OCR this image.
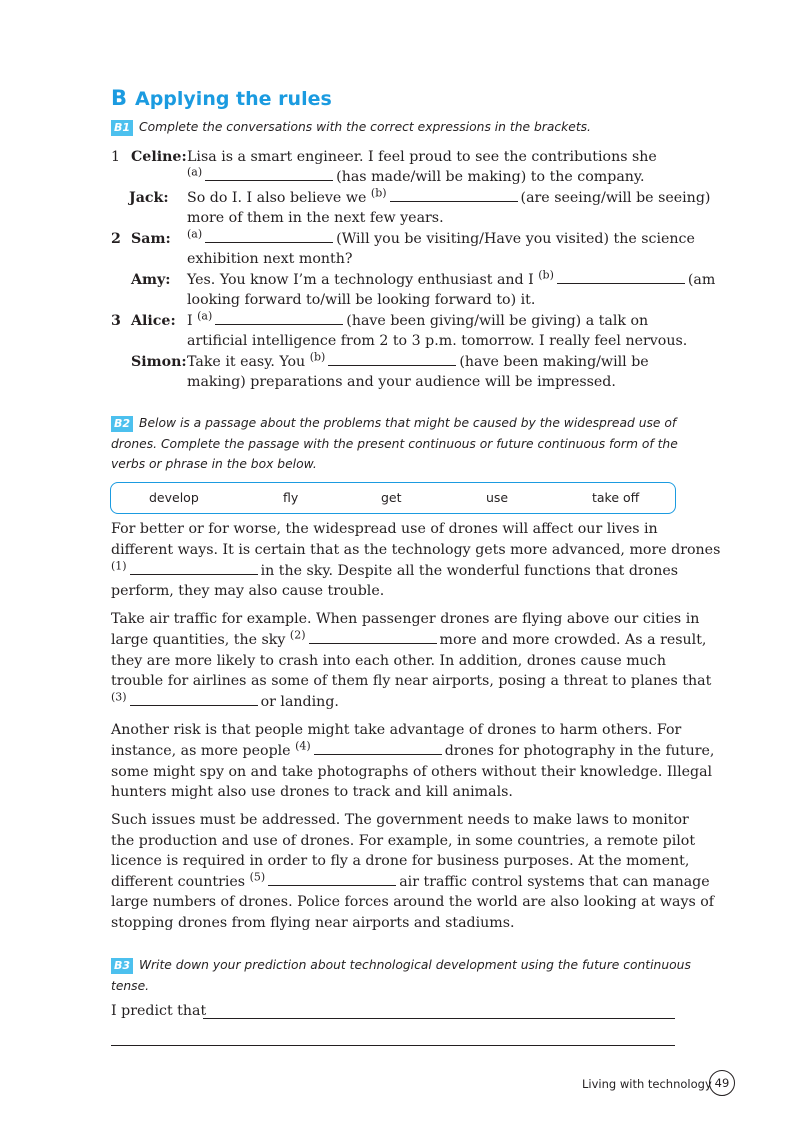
B Applying the rules
B1 Complete the conversations with the correct expressions in the brackets.
1 Celine: Lisa is a smart engineer. I feel proud to see the contributions she
$^{(a)}$	(has made/will be making) to the company.
Jack: So do I. I also believe we $^{(b)}$	(are seeing/will be seeing)
more of them in the next few years.
2 Sam: $^{(a)}$	(Will you be visiting/Have you visited) the science
exhibition next month?
Amy: Yes. You know I’m a technology enthusiast and I $^{(b)}$	(am
looking forward to/will be looking forward to) it.
3 Alice: I $^{(a)}$	(have been giving/will be giving) a talk on
artificial intelligence from 2 to 3 p.m. tomorrow. I really feel nervous.
Simon: Take it easy. You $^{(b)}$	(have been making/will be
making) preparations and your audience will be impressed.
B2 Below is a passage about the problems that might be caused by the widespread use of
drones. Complete the passage with the present continuous or future continuous form of the
verbs or phrase in the box below.
develop	fly	get	use	take off
For better or for worse, the widespread use of drones will affect our lives in
different ways. It is certain that as the technology gets more advanced, more drones
$^{(1)}$	in the sky. Despite all the wonderful functions that drones
perform, they may also cause trouble.
Take air traffic for example. When passenger drones are flying above our cities in
large quantities, the sky $^{(2)}$	more and more crowded. As a result,
they are more likely to crash into each other. In addition, drones cause much
trouble for airlines as some of them fly near airports, posing a threat to planes that
$^{(3)}$	or landing.
Another risk is that people might take advantage of drones to harm others. For
instance, as more people $^{(4)}$	drones for photography in the future,
some might spy on and take photographs of others without their knowledge. Illegal
hunters might also use drones to track and kill animals.
Such issues must be addressed. The government needs to make laws to monitor
the production and use of drones. For example, in some countries, a remote pilot
licence is required in order to fly a drone for business purposes. At the moment,
different countries $^{(5)}$	air traffic control systems that can manage
large numbers of drones. Police forces around the world are also looking at ways of
stopping drones from flying near airports and stadiums.
B3 Write down your prediction about technological development using the future continuous
tense.
I predict that
Living with technology 49
